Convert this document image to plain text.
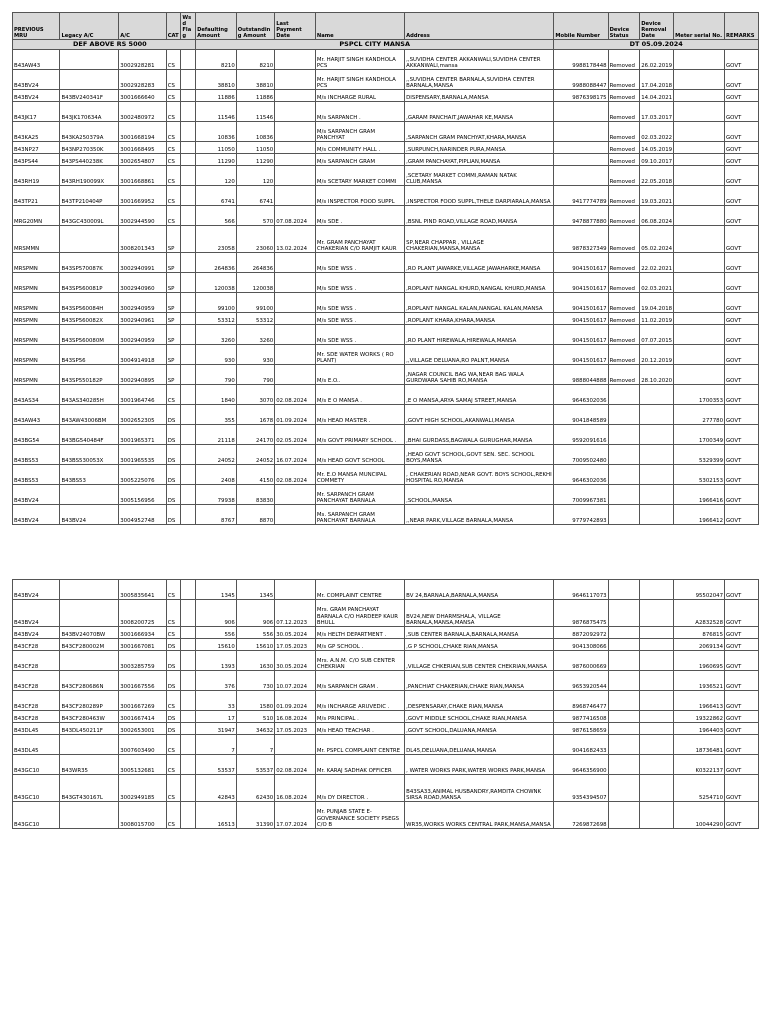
DEF ABOVE RS 5000					PSPCL CITY MANSA					DT 05.09.2024				
PREVIOUS MRU	Legacy A/C	A/C	CAT	Wsd Flag	Defaulting Amount	Outstanding Amount	Last Payment Date	Name	Address	Mobile Number	Device Status	Device Removal Date	Meter serial No.	REMARKS
B43AW43		3002928281	CS		8210	8210		Mr. HARJIT SINGH KANDHOLA PCS	,,SUVIDHA CENTER AKKANWALI,SUVIDHA CENTER AKKANWALI,mansa	9988178448	Removed	26.02.2019		GOVT
B43BV24		3002928283	CS		38810	38810		Mr. HARJIT SINGH KANDHOLA PCS	,,SUVIDHA CENTER BARNALA,SUVIDHA CENTER BARNALA,MANSA	9988088447	Removed	17.04.2018		GOVT
B43BV24	B43BV240341F	3001666640	CS		11886	11886		M/s INCHARGE RURAL	DISPENSARY,BARNALA,MANSA	9876398175	Removed	14.04.2021		GOVT
B43JK17	B43JK170634A	3002480972	CS		11546	11546		M/s SARPANCH .	,GARAM PANCHAIT,JAWAHAR KE,MANSA		Removed	17.03.2017		GOVT
B43KA25	B43KA250379A	3001668194	CS		10836	10836		M/s SARPANCH GRAM PANCHYAT	,SARPANCH GRAM PANCHYAT,KHARA,MANSA		Removed	02.03.2022		GOVT
B43NP27	B43NP270350K	3001668495	CS		11050	11050		M/s COMMUNITY HALL .	,SURPUNCH,NARINDER PURA,MANSA		Removed	14.05.2019		GOVT
B43PS44	B43PS440238K	3002654807	CS		11290	11290		M/s SARPANCH GRAM	,GRAM PANCHAYAT,PIPLIAN,MANSA		Removed	09.10.2017		GOVT
B43RH19	B43RH190099X	3001668861	CS		120	120		M/s SCETARY MARKET COMMI	,SCETARY MARKET COMMI,RAMAN NATAK CLUB,MANSA		Removed	22.05.2018		GOVT
B43TP21	B43TP210404P	3001669952	CS		6741	6741		M/s INSPECTOR FOOD SUPPL	,INSPECTOR FOOD SUPPL,THELE DARPIARALA,MANSA	9417774789	Removed	19.03.2021		GOVT
MRG20MN	B43GC430009L	3002944590	CS		566	570	07.08.2024	M/s SDE .	,BSNL PIND ROAD,VILLAGE ROAD,MANSA	9478877880	Removed	06.08.2024		GOVT
MRSMMN		3008201343	SP		23058	23060	13.02.2024	Mr. GRAM PANCHAYAT CHAKERIAN C/O RAMJIT KAUR	SP,NEAR CHAPPAR , VILLAGE CHAKERIAN,MANSA,MANSA	9878327349	Removed	05.02.2024		GOVT
MRSPMN	B43SP570087K	3002940991	SP		264836	264836		M/s SDE WSS .	,RO PLANT JAWARKE,VILLAGE JAWAHARKE,MANSA	9041501617	Removed	22.02.2021		GOVT
MRSPMN	B43SP560081P	3002940960	SP		120038	120038		M/s SDE WSS .	,ROPLANT NANGAL KHURD,NANGAL KHURD,MANSA	9041501617	Removed	02.03.2021		GOVT
MRSPMN	B43SP560084H	3002940959	SP		99100	99100		M/s SDE WSS .	,ROPLANT NANGAL KALAN,NANGAL KALAN,MANSA	9041501617	Removed	19.04.2018		GOVT
MRSPMN	B43SP560082X	3002940961	SP		53312	53312		M/s SDE WSS .	,ROPLANT KHARA,KHARA,MANSA	9041501617	Removed	11.02.2019		GOVT
MRSPMN	B43SP560080M	3002940959	SP		3260	3260		M/s SDE WSS .	,RO PLANT HIREWALA,HIREWALA,MANSA	9041501617	Removed	07.07.2015		GOVT
MRSPMN	B43SP56	3004914918	SP		930	930		Mr. SDE WATER WORKS ( RO PLANT)	,,VILLAGE DELUANA,RO PALNT,MANSA	9041501617	Removed	20.12.2019		GOVT
MRSPMN	B43SP550182P	3002940895	SP		790	790		M/s E.O..	,NAGAR COUNCIL BAG WA,NEAR BAG WALA GURDWARA SAHIB RO,MANSA	9888044888	Removed	28.10.2020		GOVT
B43AS34	B43AS340285H	3001964746	CS		1840	3070	02.08.2024	M/s E O MANSA .	,E O MANSA,ARYA SAMAJ STREET,MANSA	9646302036			1700353	GOVT
B43AW43	B43AW43006BM	3002652305	DS		355	1678	01.09.2024	M/s HEAD MASTER .	,GOVT HIGH SCHOOL,AKANWALI,MANSA	9041848589			277780	GOVT
B43BG54	B43BG540484F	3001965371	DS		21118	24170	02.05.2024	M/s GOVT PRIMARY SCHOOL .	,BHAI GURDASS,BAGWALA GURUGHAR,MANSA	9592091616			1700349	GOVT
B43BS53	B43BS530053X	3001965535	DS		24052	24052	16.07.2024	M/s HEAD GOVT SCHOOL	,HEAD GOVT SCHOOL,GOVT SEN. SEC. SCHOOL BOYS,MANSA	7009502480			5329399	GOVT
B43BS53	B43BS53	3005225076	DS		2408	4150	02.08.2024	Mr. E.O MANSA MUNCIPAL COMMETY	, CHAKERIAN ROAD,NEAR GOVT. BOYS SCHOOL,REKHI HOSPITAL RO,MANSA	9646302036			5302153	GOVT
B43BV24		3005156956	DS		79938	83830		Mr. SARPANCH GRAM PANCHAYAT BARNALA	,SCHOOL,MANSA	7009967381			1966416	GOVT
B43BV24	B43BV24	3004952748	DS		8767	8870		Ms. SARPANCH GRAM PANCHAYAT BARNALA	,,NEAR PARK,VILLAGE BARNALA,MANSA	9779742893			1966412	GOVT

B43BV24		3005835641	CS		1345	1345		Mr. COMPLAINT CENTRE	BV 24,BARNALA,BARNALA,MANSA	9646117073			95502047	GOVT
B43BV24		3008200725	CS		906	906	07.12.2023	Mrs. GRAM PANCHAYAT BARNALA C/O HARDEEP KAUR BHULL	BV24,NEW DHARMSHALA, VILLAGE BARNALA,MANSA,MANSA	9876875475			A2832528	GOVT
B43BV24	B43BV24070BW	3001666934	CS		556	556	30.05.2024	M/s HELTH DEPARTMENT .	,SUB CENTER BARNALA,BARNALA,MANSA	8872092972			876815	GOVT
B43CF28	B43CF280002M	3001667081	DS		15610	15610	17.05.2023	M/s GP SCHOOL .	,G P SCHOOL,CHAKE RIAN,MANSA	9041308066			2069134	GOVT
B43CF28		3003285759	DS		1393	1630	30.05.2024	Mrs. A.N.M. C/O SUB CENTER CHEKRIAN	,VILLAGE CHKERIAN,SUB CENTER CHEKRIAN,MANSA	9876000669			1960695	GOVT
B43CF28	B43CF280686N	3001667556	DS		376	730	10.07.2024	M/s SARPANCH GRAM .	,PANCHIAT CHAKERIAN,CHAKE RIAN,MANSA	9653920544			1936521	GOVT
B43CF28	B43CF280289P	3001667269	CS		33	1580	01.09.2024	M/s INCHARGE ARUVEDIC .	,DESPENSARAY,CHAKE RIAN,MANSA	8968746477			1966413	GOVT
B43CF28	B43CF280463W	3001667414	DS		17	510	16.08.2024	M/s PRINCIPAL .	,GOVT MIDDLE SCHOOL,CHAKE RIAN,MANSA	9877416508			19322862	GOVT
B43DL45	B43DL450211F	3002653001	DS		31947	34632	17.05.2023	M/s HEAD TEACHAR .	,GOVT SCHOOL,DALUANA,MANSA	9876158659			1964403	GOVT
B43DL45		3007603490	CS		7	7		Mr. PSPCL COMPLAINT CENTRE	DL45,DELUANA,DELUANA,MANSA	9041682433			18736481	GOVT
B43GC10	B43WR35	3005132681	CS		53537	53537	02.08.2024	Mr. KARAJ SADHAK OFFICER	, WATER WORKS PARK,WATER WORKS PARK,MANSA	9646356900			K0322137	GOVT
B43GC10	B43GT430167L	3002949185	CS		42843	62430	16.08.2024	M/s DY DIRECTOR .	B43SA33,ANIMAL HUSBANDRY,RAMDITA CHOWNK SIRSA ROAD,MANSA	9354394507			5254710	GOVT
B43GC10		3008015700	CS		16513	31390	17.07.2024	Mr. PUNJAB STATE E-GOVERNANCE SOCIETY PSEGS C/O B	WR35,WORKS WORKS CENTRAL PARK,MANSA,MANSA	7269872698			10044290	GOVT
